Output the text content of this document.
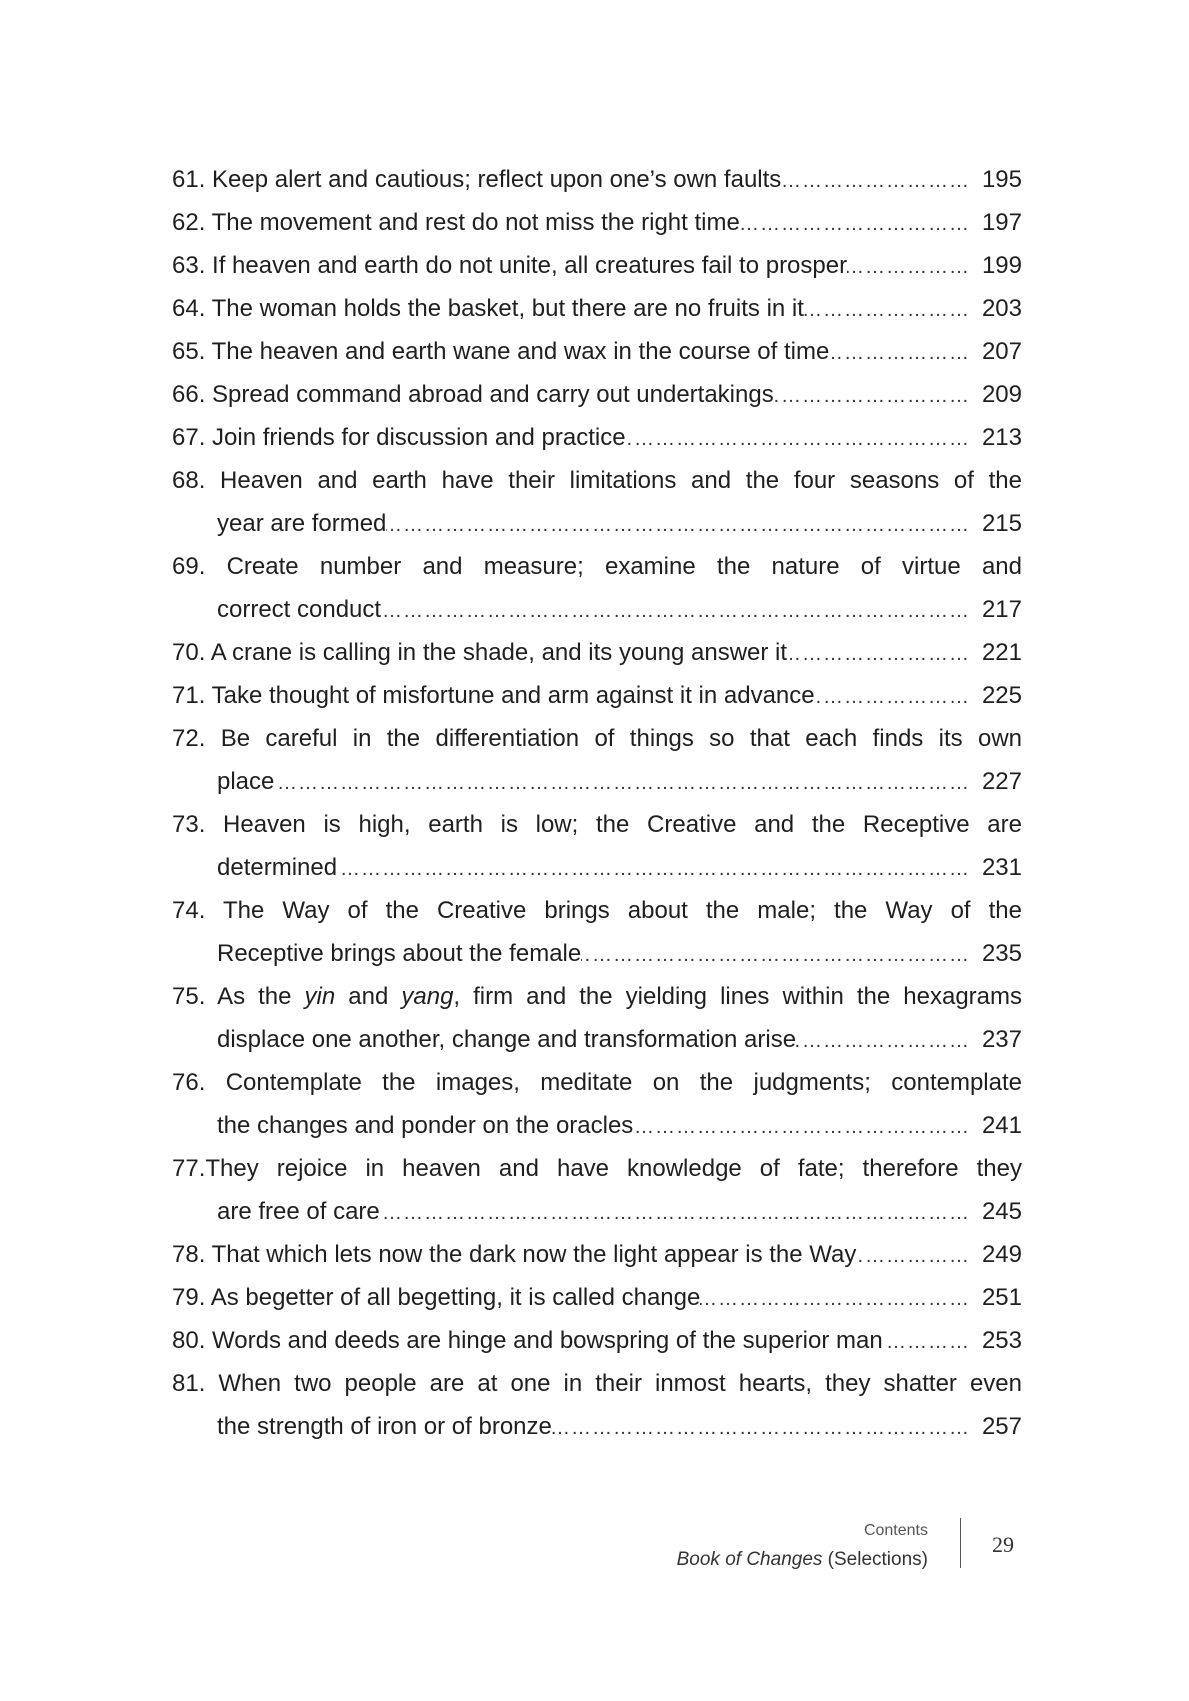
61. Keep alert and cautious; reflect upon one’s own faults …………………………………………………………………………………………………………	195
62. The movement and rest do not miss the right time …………………………………………………………………………………………………………	197
63. If heaven and earth do not unite, all creatures fail to prosper …………………………………………………………………………………………………………	199
64. The woman holds the basket, but there are no fruits in it …………………………………………………………………………………………………………	203
65. The heaven and earth wane and wax in the course of time …………………………………………………………………………………………………………	207
66. Spread command abroad and carry out undertakings …………………………………………………………………………………………………………	209
67. Join friends for discussion and practice …………………………………………………………………………………………………………	213
68. Heaven and earth have their limitations and the four seasons of the
year are formed …………………………………………………………………………………………………………	215
69. Create number and measure; examine the nature of virtue and
correct conduct …………………………………………………………………………………………………………	217
70. A crane is calling in the shade, and its young answer it …………………………………………………………………………………………………………	221
71. Take thought of misfortune and arm against it in advance …………………………………………………………………………………………………………	225
72. Be careful in the differentiation of things so that each finds its own
place …………………………………………………………………………………………………………	227
73. Heaven is high, earth is low; the Creative and the Receptive are
determined …………………………………………………………………………………………………………	231
74. The Way of the Creative brings about the male; the Way of the
Receptive brings about the female …………………………………………………………………………………………………………	235
75. As the yin and yang, firm and the yielding lines within the hexagrams
displace one another, change and transformation arise …………………………………………………………………………………………………………	237
76. Contemplate the images, meditate on the judgments; contemplate
the changes and ponder on the oracles …………………………………………………………………………………………………………	241
77.They rejoice in heaven and have knowledge of fate; therefore they
are free of care …………………………………………………………………………………………………………	245
78. That which lets now the dark now the light appear is the Way …………………………………………………………………………………………………………	249
79. As begetter of all begetting, it is called change …………………………………………………………………………………………………………	251
80. Words and deeds are hinge and bowspring of the superior man …………………………………………………………………………………………………………	253
81. When two people are at one in their inmost hearts, they shatter even
the strength of iron or of bronze …………………………………………………………………………………………………………	257
Contents
Book of Changes (Selections)
29
